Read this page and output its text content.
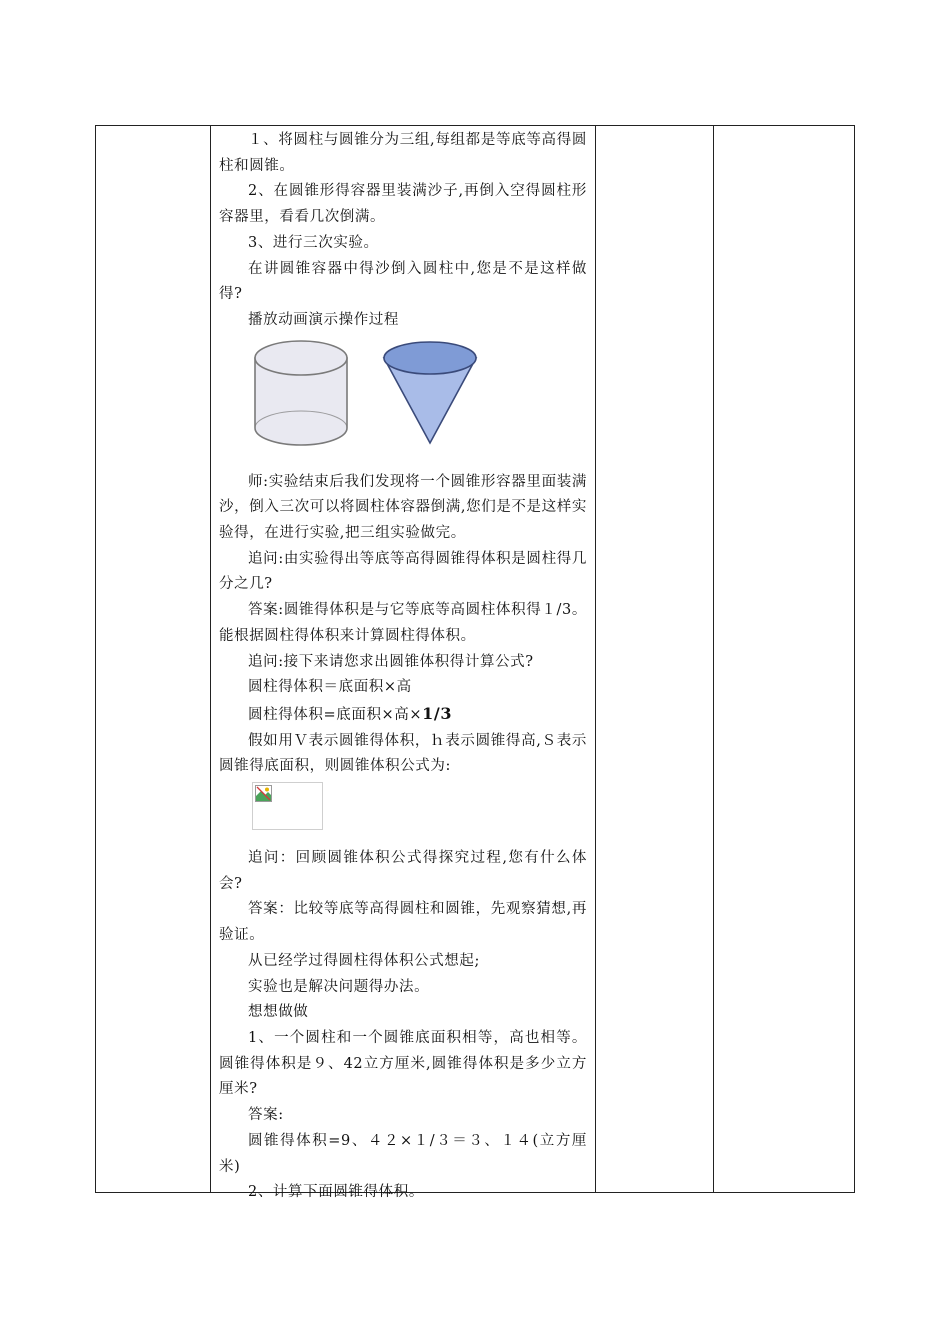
１、将圆柱与圆锥分为三组,每组都是等底等高得圆柱和圆锥。

2、在圆锥形得容器里装满沙子,再倒入空得圆柱形容器里，看看几次倒满。

3、进行三次实验。

在讲圆锥容器中得沙倒入圆柱中,您是不是这样做得?

播放动画演示操作过程

师:实验结束后我们发现将一个圆锥形容器里面装满沙，倒入三次可以将圆柱体容器倒满,您们是不是这样实验得，在进行实验,把三组实验做完。

追问:由实验得出等底等高得圆锥得体积是圆柱得几分之几?

答案:圆锥得体积是与它等底等高圆柱体积得１/3。能根据圆柱得体积来计算圆柱得体积。

追问:接下来请您求出圆锥体积得计算公式?

圆柱得体积＝底面积×高

圆柱得体积=底面积×高×1/3

假如用Ｖ表示圆锥得体积，ｈ表示圆锥得高,Ｓ表示圆锥得底面积，则圆锥体积公式为:

追问：回顾圆锥体积公式得探究过程,您有什么体会?

答案：比较等底等高得圆柱和圆锥，先观察猜想,再验证。

从已经学过得圆柱得体积公式想起;

实验也是解决问题得办法。

想想做做

1、一个圆柱和一个圆锥底面积相等，高也相等。圆锥得体积是９、42立方厘米,圆锥得体积是多少立方厘米?

答案:

圆锥得体积=9、４２×１/３＝３、１４(立方厘米)

2、计算下面圆锥得体积。
